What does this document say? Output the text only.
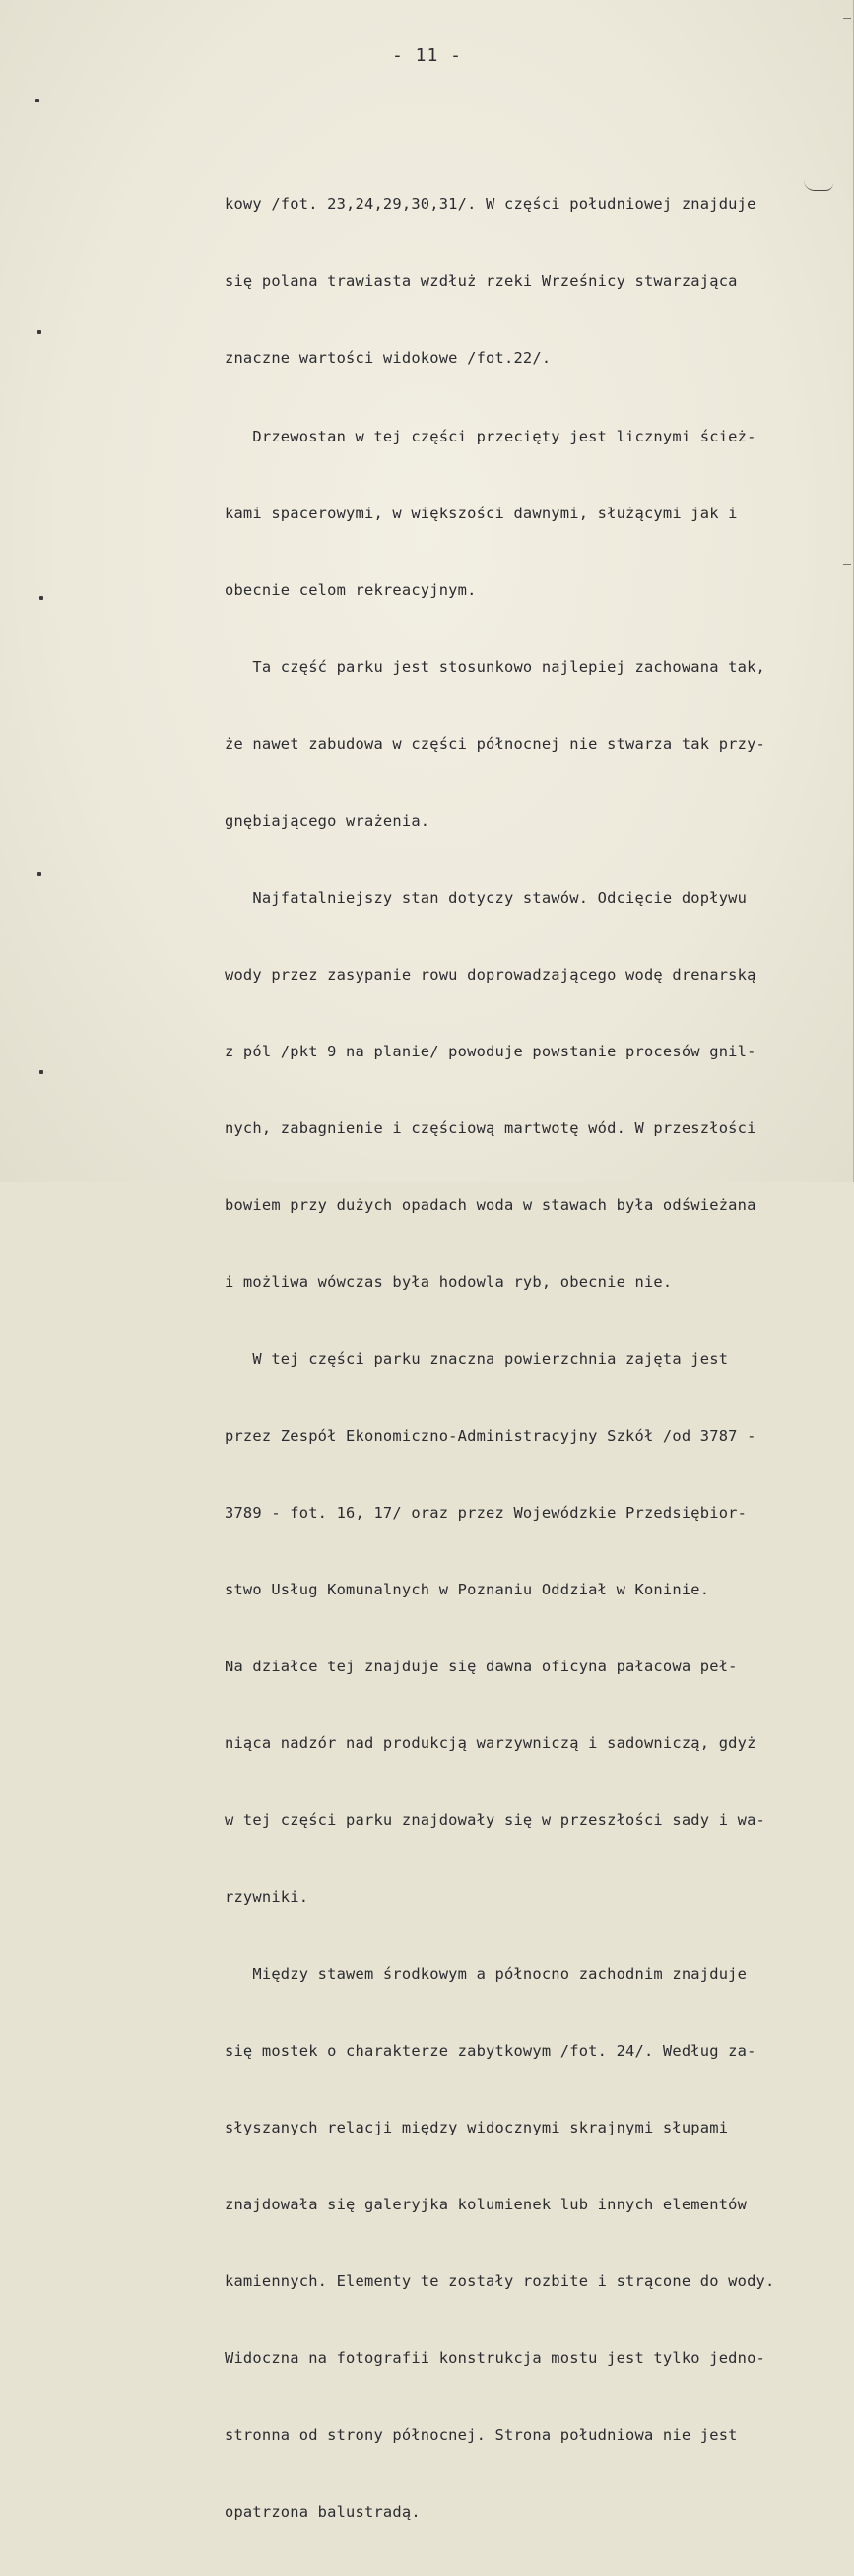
- 11 -

kowy /fot. 23,24,29,30,31/. W części południowej znajduje

się polana trawiasta wzdłuż rzeki Wrześnicy stwarzająca

znaczne wartości widokowe /fot.22/.

Drzewostan w tej części przecięty jest licznymi ścież-

kami spacerowymi, w większości dawnymi, służącymi jak i

obecnie celom rekreacyjnym.

Ta część parku jest stosunkowo najlepiej zachowana tak,

że nawet zabudowa w części północnej nie stwarza tak przy-

gnębiającego wrażenia.

Najfatalniejszy stan dotyczy stawów. Odcięcie dopływu

wody przez zasypanie rowu doprowadzającego wodę drenarską

z pól /pkt 9 na planie/ powoduje powstanie procesów gnil-

nych, zabagnienie i częściową martwotę wód. W przeszłości

bowiem przy dużych opadach woda w stawach była odświeżana

i możliwa wówczas była hodowla ryb, obecnie nie.

W tej części parku znaczna powierzchnia zajęta jest

przez Zespół Ekonomiczno-Administracyjny Szkół /od 3787 -

3789 - fot. 16, 17/ oraz przez Wojewódzkie Przedsiębior-

stwo Usług Komunalnych w Poznaniu Oddział w Koninie.

Na działce tej znajduje się dawna oficyna pałacowa peł-

niąca nadzór nad produkcją warzywniczą i sadowniczą, gdyż

w tej części parku znajdowały się w przeszłości sady i wa-

rzywniki.

Między stawem środkowym a północno zachodnim znajduje

się mostek o charakterze zabytkowym /fot. 24/. Według za-

słyszanych relacji między widocznymi skrajnymi słupami

znajdowała się galeryjka kolumienek lub innych elementów

kamiennych. Elementy te zostały rozbite i strącone do wody.

Widoczna na fotografii konstrukcja mostu jest tylko jedno-

stronna od strony północnej. Strona południowa nie jest

opatrzona balustradą.
